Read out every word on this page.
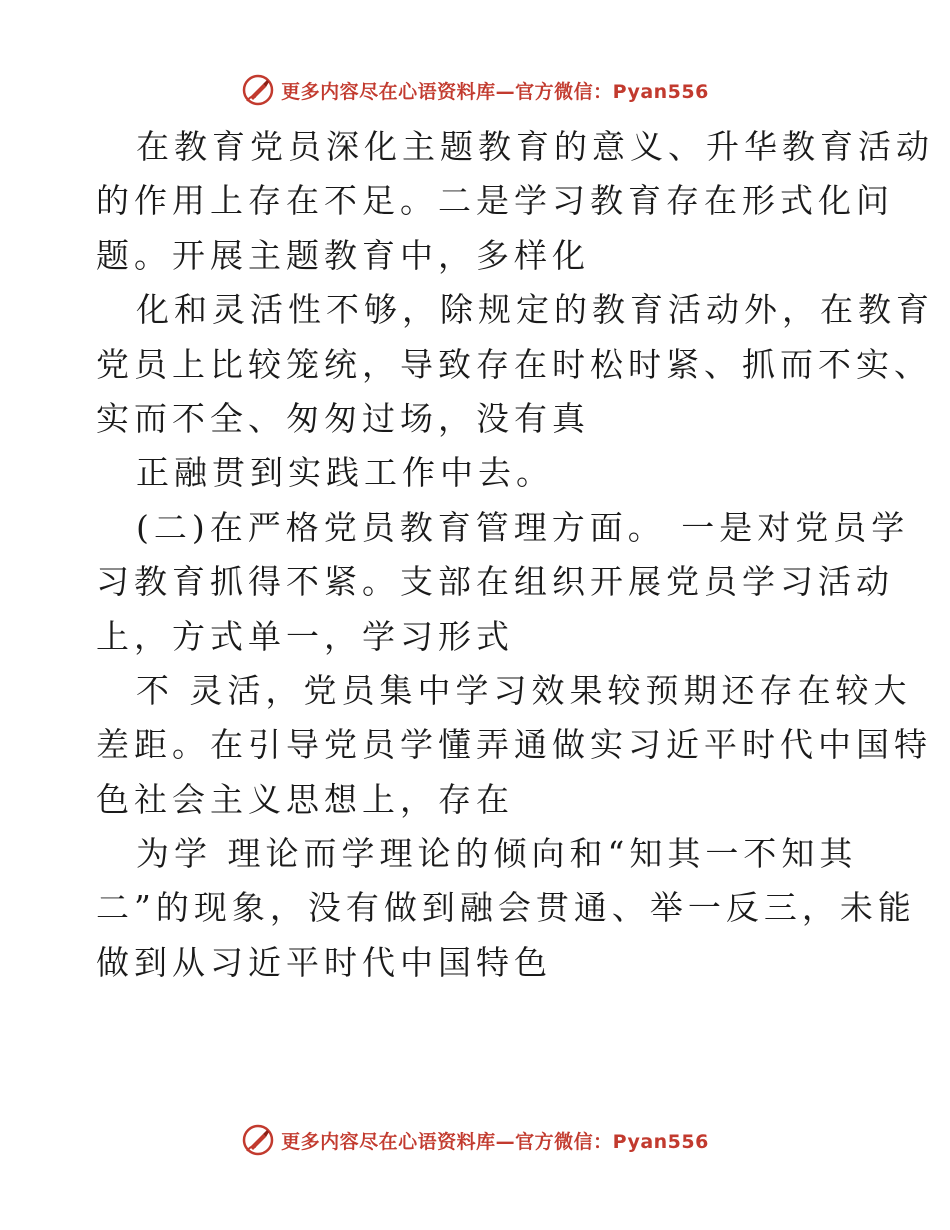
更多内容尽在心语资料库—官方微信：Pyan556
在教育党员深化主题教育的意义、升华教育活动
的作用上存在不足。二是学习教育存在形式化问
题。开展主题教育中，多样化
化和灵活性不够，除规定的教育活动外，在教育
党员上比较笼统，导致存在时松时紧、抓而不实、
实而不全、匆匆过场，没有真
正融贯到实践工作中去。
(二)在严格党员教育管理方面。 一是对党员学
习教育抓得不紧。支部在组织开展党员学习活动
上，方式单一，学习形式
不 灵活，党员集中学习效果较预期还存在较大
差距。在引导党员学懂弄通做实习近平时代中国特
色社会主义思想上，存在
为学 理论而学理论的倾向和“知其一不知其
二”的现象，没有做到融会贯通、举一反三，未能
做到从习近平时代中国特色
更多内容尽在心语资料库—官方微信：Pyan556
